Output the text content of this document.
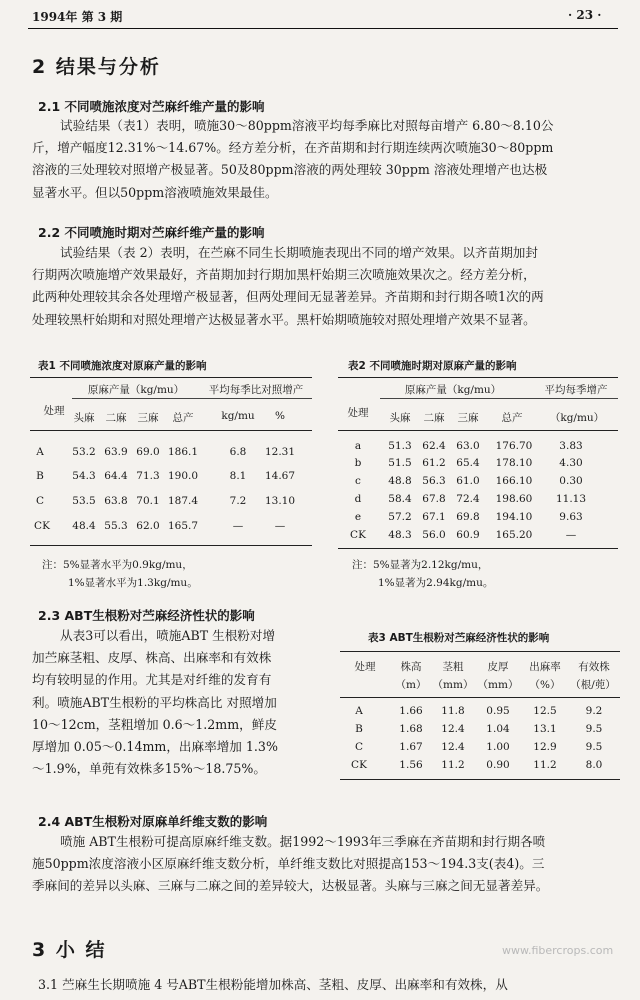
1994年 第 3 期	· 23 ·
2 结果与分析
2.1 不同喷施浓度对苎麻纤维产量的影响
试验结果（表1）表明，喷施30～80ppm溶液平均每季麻比对照每亩增产 6.80～8.10公
斤，增产幅度12.31%～14.67%。经方差分析，在齐苗期和封行期连续两次喷施30～80ppm
溶液的三处理较对照增产极显著。50及80ppm溶液的两处理较 30ppm 溶液处理增产也达极
显著水平。但以50ppm溶液喷施效果最佳。
2.2 不同喷施时期对苎麻纤维产量的影响
试验结果（表 2）表明，在苎麻不同生长期喷施表现出不同的增产效果。以齐苗期加封
行期两次喷施增产效果最好，齐苗期加封行期加黑杆始期三次喷施效果次之。经方差分析，
此两种处理较其余各处理增产极显著，但两处理间无显著差异。齐苗期和封行期各喷1次的两
处理较黑杆始期和对照处理增产达极显著水平。黑杆始期喷施较对照处理增产效果不显著。
表1 不同喷施浓度对原麻产量的影响
处理
原麻产量（kg/mu）	平均每季比对照增产
头麻	二麻	三麻	总产	kg/mu	%
A	53.2 63.9 69.0 186.1	6.8	12.31
B	54.3 64.4 71.3 190.0	8.1	14.67
C	53.5 63.8 70.1 187.4	7.2	13.10
CK	48.4 55.3 62.0 165.7	—	—
注：5%显著水平为0.9kg/mu，
1%显著水平为1.3kg/mu。
表2 不同喷施时期对原麻产量的影响
处理
原麻产量（kg/mu）	平均每季增产
头麻	二麻	三麻	总产	（kg/mu）
a	51.3	62.4	63.0	176.70	3.83
b	51.5	61.2	65.4	178.10	4.30
c	48.8	56.3	61.0	166.10	0.30
d	58.4	67.8	72.4	198.60	11.13
e	57.2	67.1	69.8	194.10	9.63
CK	48.3	56.0	60.9	165.20	—
注：5%显著为2.12kg/mu，
1%显著为2.94kg/mu。
2.3 ABT生根粉对苎麻经济性状的影响
从表3可以看出，喷施ABT 生根粉对增
加苎麻茎粗、皮厚、株高、出麻率和有效株
均有较明显的作用。尤其是对纤维的发育有
利。喷施ABT生根粉的平均株高比 对照增加
10～12cm，茎粗增加 0.6～1.2mm，鲜皮
厚增加 0.05～0.14mm，出麻率增加 1.3%
～1.9%，单蔸有效株多15%～18.75%。
表3 ABT生根粉对苎麻经济性状的影响
处理	株高	茎粗	皮厚	出麻率	有效株
（m） （mm） （mm）	（%） （根/蔸）
A	1.66	11.8	0.95	12.5	9.2
B	1.68	12.4	1.04	13.1	9.5
C	1.67	12.4	1.00	12.9	9.5
CK	1.56	11.2	0.90	11.2	8.0
2.4 ABT生根粉对原麻单纤维支数的影响
喷施 ABT生根粉可提高原麻纤维支数。据1992～1993年三季麻在齐苗期和封行期各喷
施50ppm浓度溶液小区原麻纤维支数分析，单纤维支数比对照提高153～194.3支(表4)。三
季麻间的差异以头麻、三麻与二麻之间的差异较大，达极显著。头麻与三麻之间无显著差异。
3 小 结
3.1 苎麻生长期喷施 4 号ABT生根粉能增加株高、茎粗、皮厚、出麻率和有效株，从
www.fibercrops.com
